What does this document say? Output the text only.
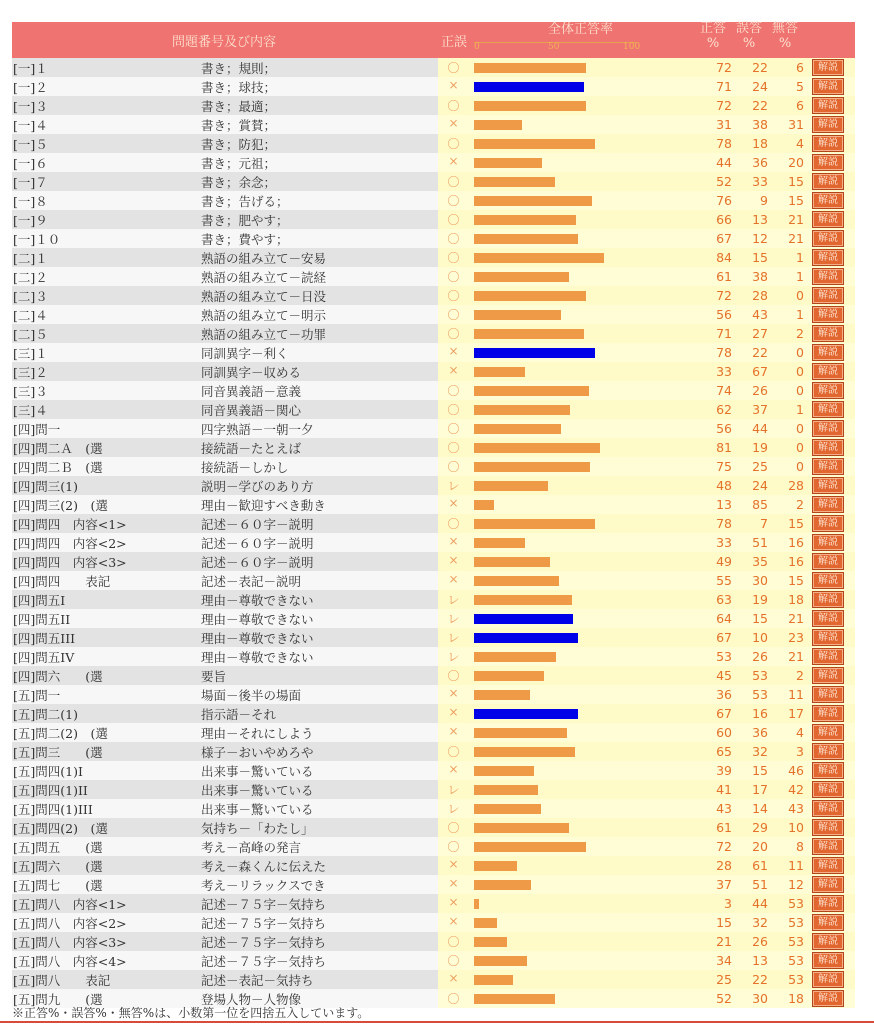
問題番号及び内容	正誤
全体正答率
0	50	100
正答
%
誤答
%
無答
%
[一]１	書き；規則；	〇	72	22	6	解説
[一]２	書き；球技；	×	71	24	5	解説
[一]３	書き；最適；	〇	72	22	6	解説
[一]４	書き；賞賛；	×	31	38	31	解説
[一]５	書き；防犯；	〇	78	18	4	解説
[一]６	書き；元祖；	×	44	36	20	解説
[一]７	書き；余念；	〇	52	33	15	解説
[一]８	書き；告げる；	〇	76	9	15	解説
[一]９	書き；肥やす；	〇	66	13	21	解説
[一]１０	書き；費やす；	〇	67	12	21	解説
[二]１	熟語の組み立て－安易	〇	84	15	1	解説
[二]２	熟語の組み立て－読経	〇	61	38	1	解説
[二]３	熟語の組み立て－日没	〇	72	28	0	解説
[二]４	熟語の組み立て－明示	〇	56	43	1	解説
[二]５	熟語の組み立て－功罪	〇	71	27	2	解説
[三]１	同訓異字－利く	×	78	22	0	解説
[三]２	同訓異字－収める	×	33	67	0	解説
[三]３	同音異義語－意義	〇	74	26	0	解説
[三]４	同音異義語－関心	〇	62	37	1	解説
[四]問一	四字熟語－一朝一夕	〇	56	44	0	解説
[四]問二Ａ　(選	接続語－たとえば	〇	81	19	0	解説
[四]問二Ｂ　(選	接続語－しかし	〇	75	25	0	解説
[四]問三(1)	説明－学びのあり方	レ	48	24	28	解説
[四]問三(2)　(選	理由－歓迎すべき動き	×	13	85	2	解説
[四]問四　内容<1>	記述－６０字－説明	〇	78	7	15	解説
[四]問四　内容<2>	記述－６０字－説明	×	33	51	16	解説
[四]問四　内容<3>	記述－６０字－説明	×	49	35	16	解説
[四]問四　　表記	記述－表記－説明	×	55	30	15	解説
[四]問五I	理由－尊敬できない	レ	63	19	18	解説
[四]問五II	理由－尊敬できない	レ	64	15	21	解説
[四]問五III	理由－尊敬できない	レ	67	10	23	解説
[四]問五IV	理由－尊敬できない	レ	53	26	21	解説
[四]問六　　(選	要旨	〇	45	53	2	解説
[五]問一	場面－後半の場面	×	36	53	11	解説
[五]問二(1)	指示語－それ	×	67	16	17	解説
[五]問二(2)　(選	理由－それにしよう	×	60	36	4	解説
[五]問三　　(選	様子－おいやめろや	〇	65	32	3	解説
[五]問四(1)I	出来事－驚いている	×	39	15	46	解説
[五]問四(1)II	出来事－驚いている	レ	41	17	42	解説
[五]問四(1)III	出来事－驚いている	レ	43	14	43	解説
[五]問四(2)　(選	気持ち－「わたし」	〇	61	29	10	解説
[五]問五　　(選	考え－高峰の発言	〇	72	20	8	解説
[五]問六　　(選	考え－森くんに伝えた	×	28	61	11	解説
[五]問七　　(選	考え－リラックスでき	×	37	51	12	解説
[五]問八　内容<1>	記述－７５字－気持ち	×	3	44	53	解説
[五]問八　内容<2>	記述－７５字－気持ち	×	15	32	53	解説
[五]問八　内容<3>	記述－７５字－気持ち	〇	21	26	53	解説
[五]問八　内容<4>	記述－７５字－気持ち	〇	34	13	53	解説
[五]問八　　表記	記述－表記－気持ち	×	25	22	53	解説
[五]問九　　(選	登場人物－人物像	〇	52	30	18	解説
※正答%・誤答%・無答%は、小数第一位を四捨五入しています。
